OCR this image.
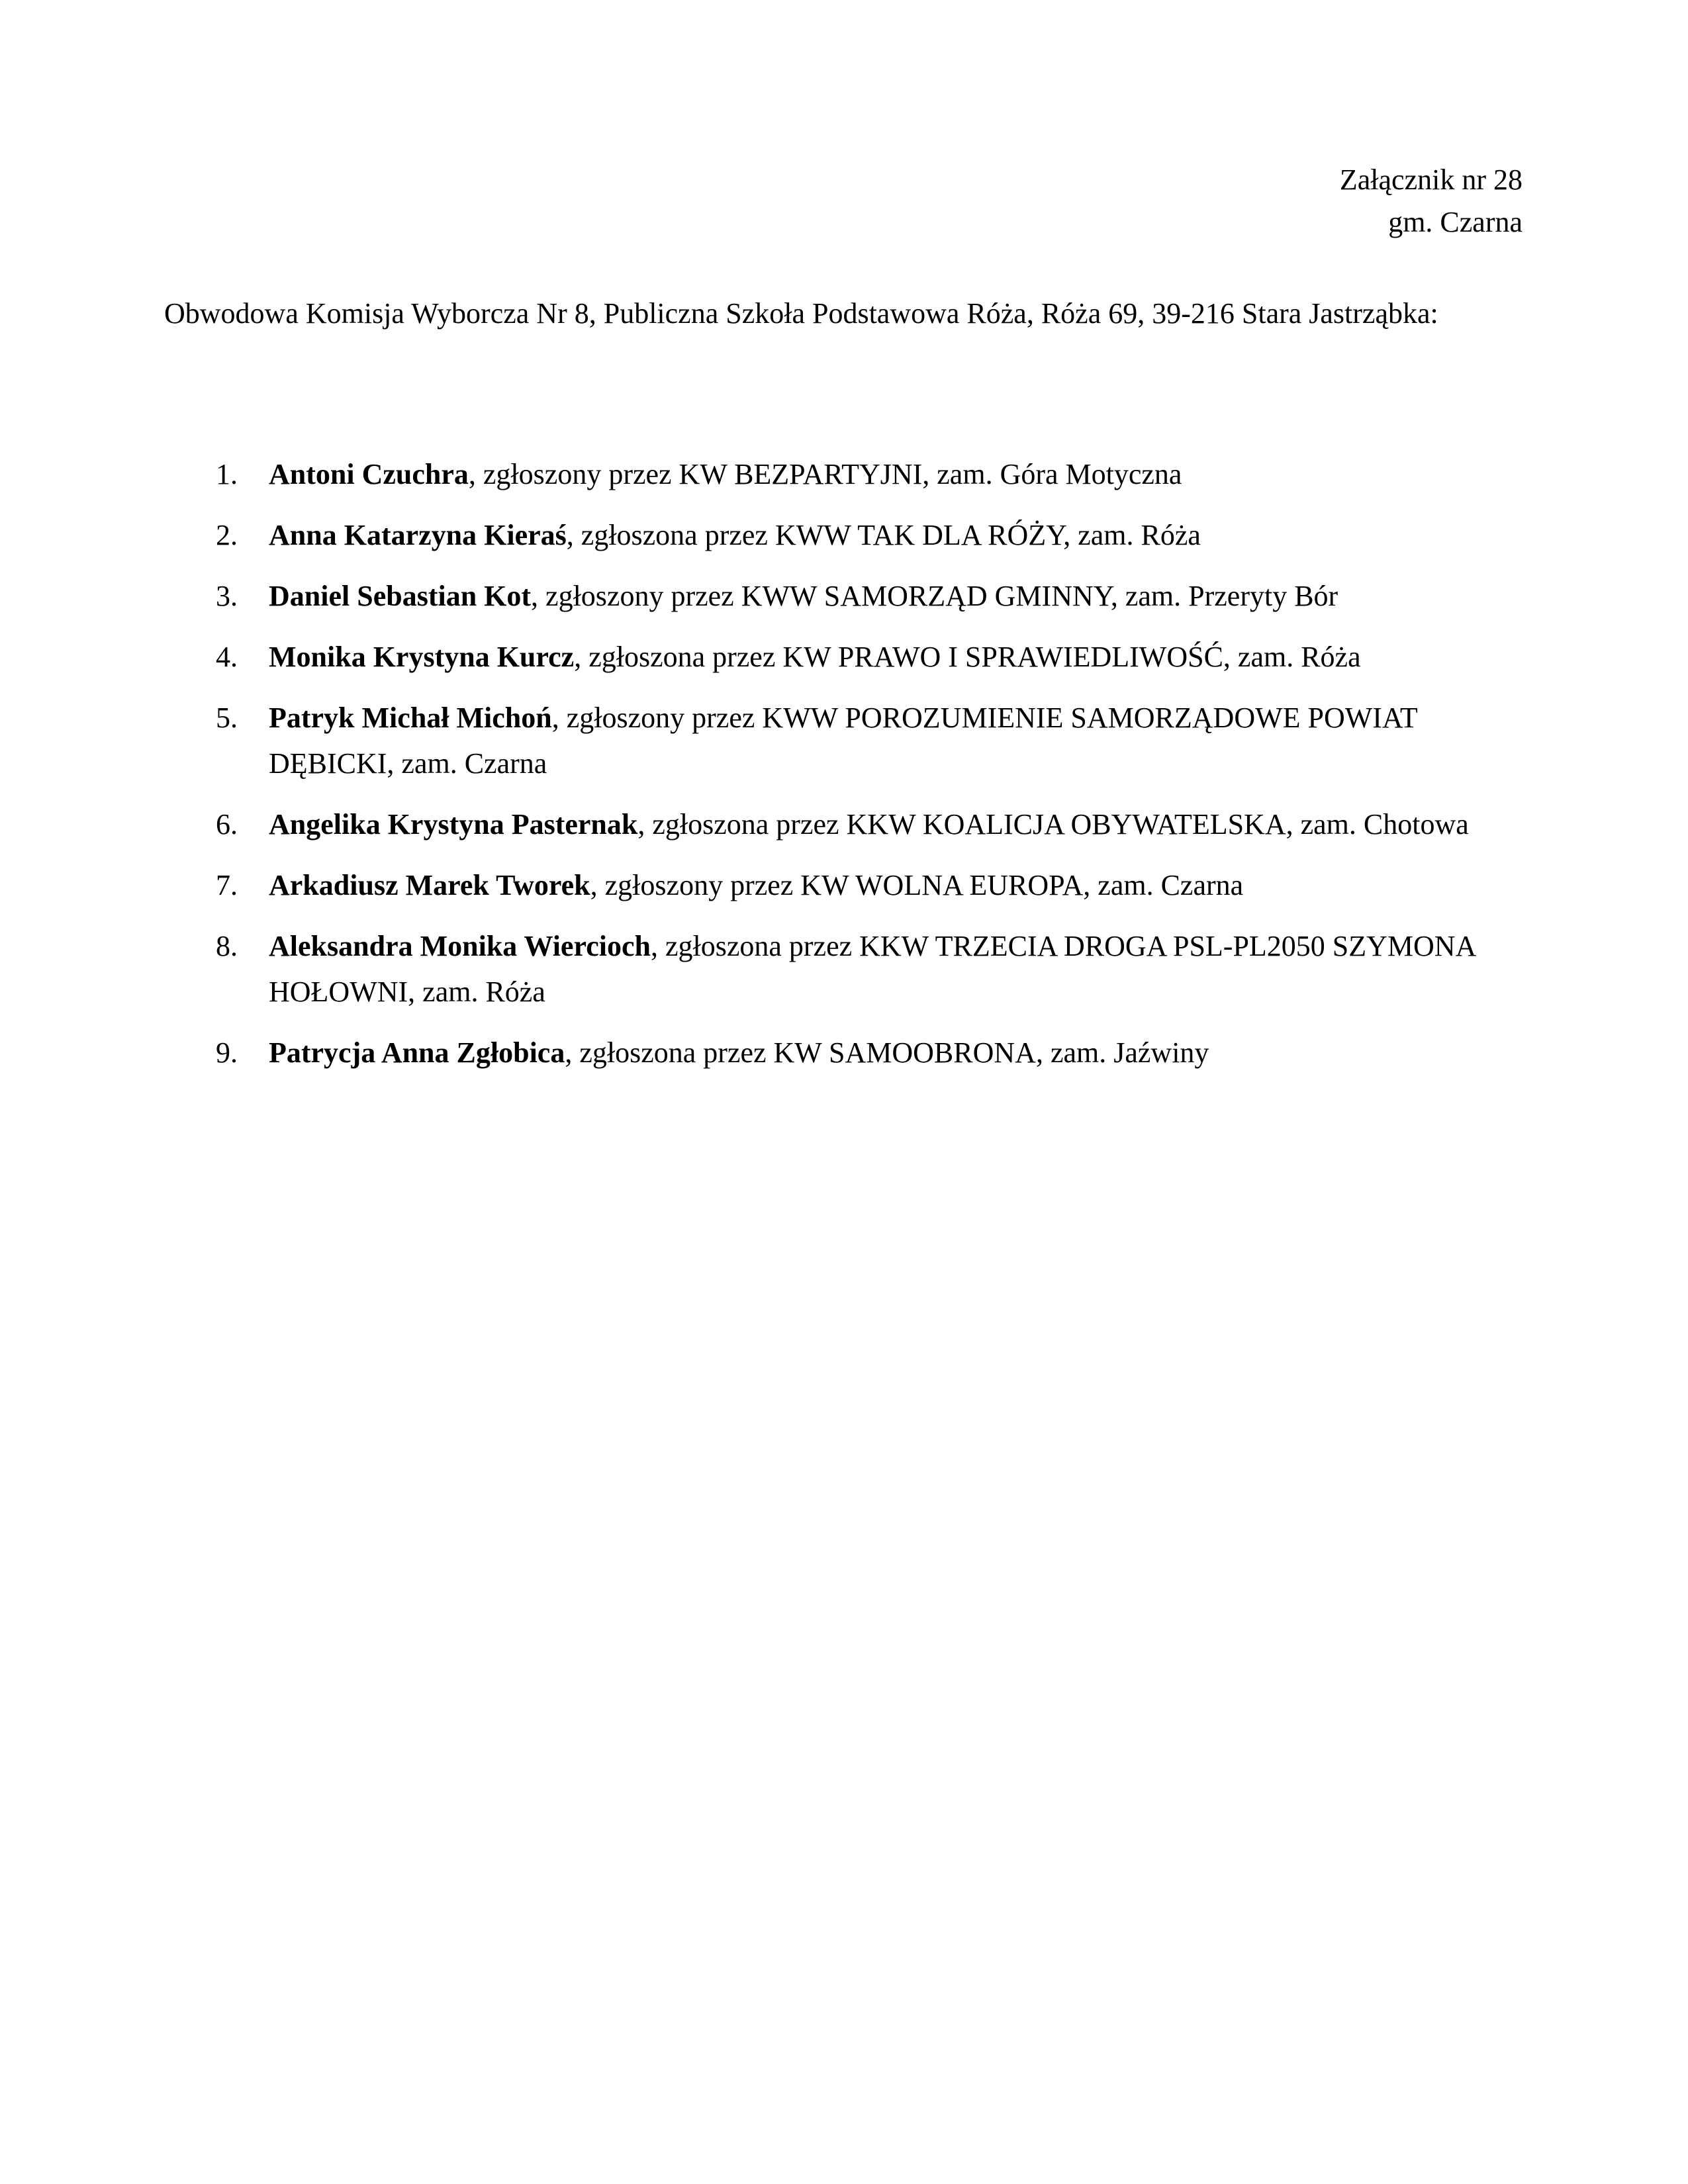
Załącznik nr 28
gm. Czarna
Obwodowa Komisja Wyborcza Nr 8, Publiczna Szkoła Podstawowa Róża, Róża 69, 39-216 Stara Jastrząbka:
1. Antoni Czuchra, zgłoszony przez KW BEZPARTYJNI, zam. Góra Motyczna
2. Anna Katarzyna Kieraś, zgłoszona przez KWW TAK DLA RÓŻY, zam. Róża
3. Daniel Sebastian Kot, zgłoszony przez KWW SAMORZĄD GMINNY, zam. Przeryty Bór
4. Monika Krystyna Kurcz, zgłoszona przez KW PRAWO I SPRAWIEDLIWOŚĆ, zam. Róża
5. Patryk Michał Michoń, zgłoszony przez KWW POROZUMIENIE SAMORZĄDOWE POWIAT DĘBICKI, zam. Czarna
6. Angelika Krystyna Pasternak, zgłoszona przez KKW KOALICJA OBYWATELSKA, zam. Chotowa
7. Arkadiusz Marek Tworek, zgłoszony przez KW WOLNA EUROPA, zam. Czarna
8. Aleksandra Monika Wiercioch, zgłoszona przez KKW TRZECIA DROGA PSL-PL2050 SZYMONA HOŁOWNI, zam. Róża
9. Patrycja Anna Zgłobica, zgłoszona przez KW SAMOOBRONA, zam. Jaźwiny
